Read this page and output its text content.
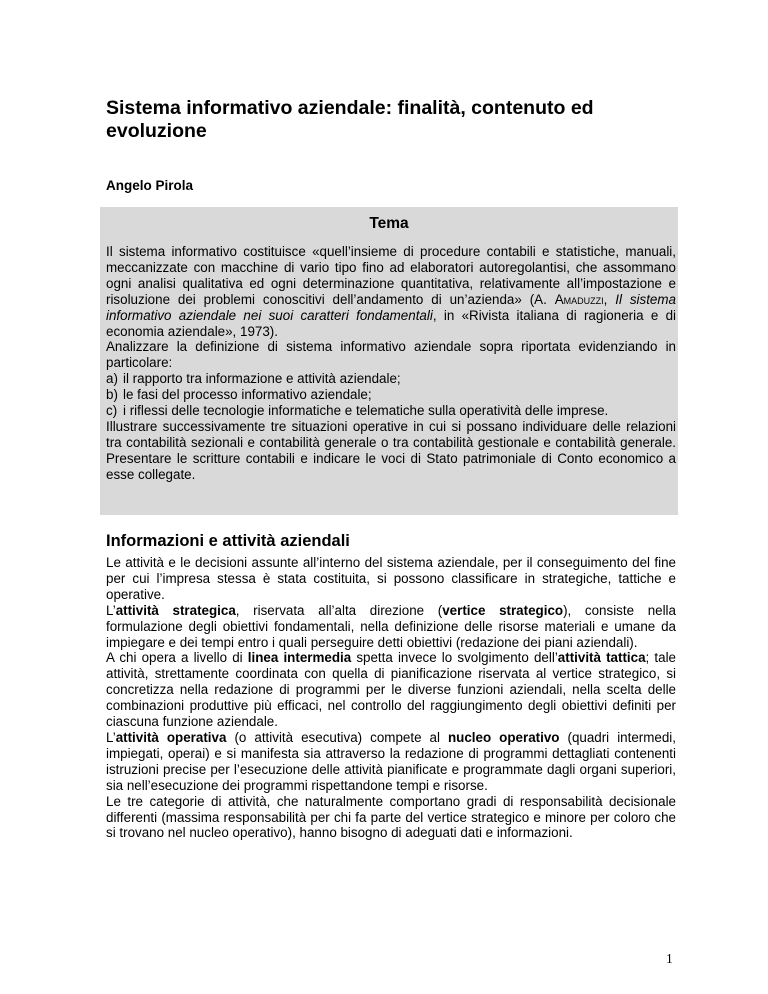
Sistema informativo aziendale: finalità, contenuto ed evoluzione
Angelo Pirola
Tema

Il sistema informativo costituisce «quell’insieme di procedure contabili e statistiche, manuali, meccanizzate con macchine di vario tipo fino ad elaboratori autoregolantisi, che assommano ogni analisi qualitativa ed ogni determinazione quantitativa, relativamente all’impostazione e risoluzione dei problemi conoscitivi dell’andamento di un’azienda» (A. Amaduzzi, Il sistema informativo aziendale nei suoi caratteri fondamentali, in «Rivista italiana di ragioneria e di economia aziendale», 1973).

Analizzare la definizione di sistema informativo aziendale sopra riportata evidenziando in particolare:

a) il rapporto tra informazione e attività aziendale;
b) le fasi del processo informativo aziendale;
c) i riflessi delle tecnologie informatiche e telematiche sulla operatività delle imprese.

Illustrare successivamente tre situazioni operative in cui si possano individuare delle relazioni tra contabilità sezionali e contabilità generale o tra contabilità gestionale e contabilità generale. Presentare le scritture contabili e indicare le voci di Stato patrimoniale di Conto economico a esse collegate.

Informazioni e attività aziendali

Le attività e le decisioni assunte all’interno del sistema aziendale, per il conseguimento del fine per cui l’impresa stessa è stata costituita, si possono classificare in strategiche, tattiche e operative.

L’attività strategica, riservata all’alta direzione (vertice strategico), consiste nella formulazione degli obiettivi fondamentali, nella definizione delle risorse materiali e umane da impiegare e dei tempi entro i quali perseguire detti obiettivi (redazione dei piani aziendali).

A chi opera a livello di linea intermedia spetta invece lo svolgimento dell’attività tattica; tale attività, strettamente coordinata con quella di pianificazione riservata al vertice strategico, si concretizza nella redazione di programmi per le diverse funzioni aziendali, nella scelta delle combinazioni produttive più efficaci, nel controllo del raggiungimento degli obiettivi definiti per ciascuna funzione aziendale.

L’attività operativa (o attività esecutiva) compete al nucleo operativo (quadri intermedi, impiegati, operai) e si manifesta sia attraverso la redazione di programmi dettagliati contenenti istruzioni precise per l’esecuzione delle attività pianificate e programmate dagli organi superiori, sia nell’esecuzione dei programmi rispettandone tempi e risorse.

Le tre categorie di attività, che naturalmente comportano gradi di responsabilità decisionale differenti (massima responsabilità per chi fa parte del vertice strategico e minore per coloro che si trovano nel nucleo operativo), hanno bisogno di adeguati dati e informazioni.

1
